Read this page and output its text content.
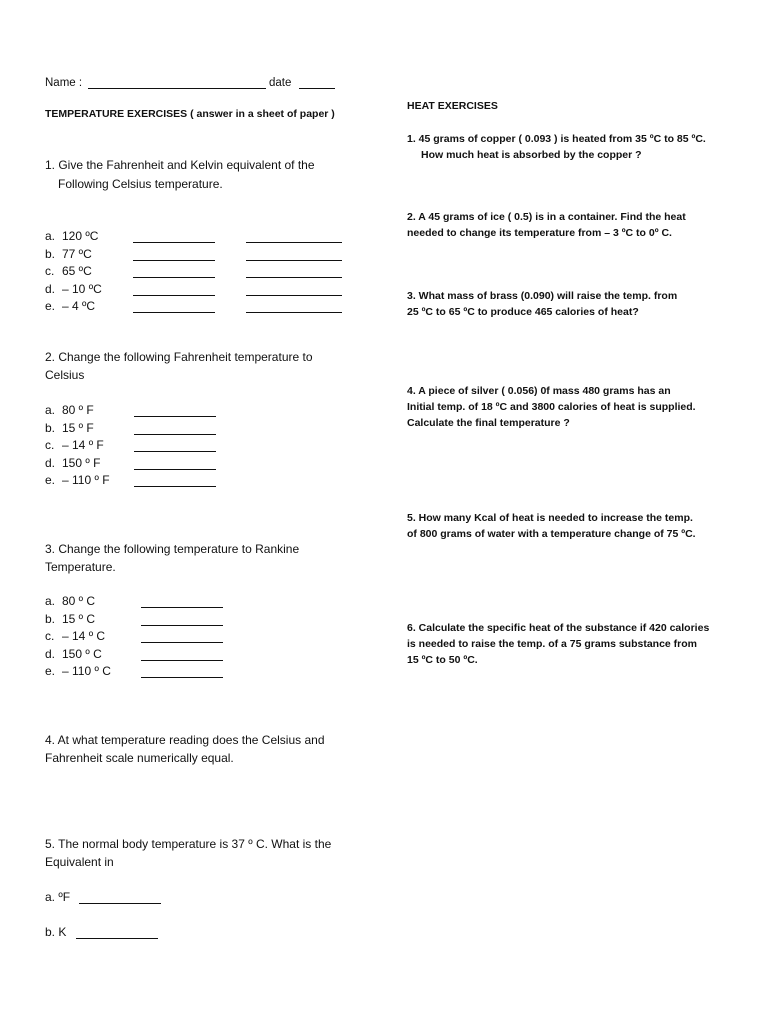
Name :	date
TEMPERATURE EXERCISES ( answer in a sheet of paper )
1. Give the Fahrenheit and Kelvin equivalent of the
Following Celsius temperature.
a. 120 ºC
b. 77 ºC
c. 65 ºC
d. – 10 ºC
e. – 4 ºC
2. Change the following Fahrenheit temperature to
Celsius
a. 80 º F
b. 15 º F
c. – 14 º F
d. 150 º F
e. – 110 º F
3. Change the following temperature to Rankine
Temperature.
a. 80 º C
b. 15 º C
c. – 14 º C
d. 150 º C
e. – 110 º C
4. At what temperature reading does the Celsius and
Fahrenheit scale numerically equal.
5. The normal body temperature is 37 º C. What is the
Equivalent in
a. ºF
b. K
HEAT EXERCISES
1. 45 grams of copper ( 0.093 ) is heated from 35 ºC to 85 ºC.
How much heat is absorbed by the copper ?
2. A 45 grams of ice ( 0.5) is in a container. Find the heat
needed to change its temperature from – 3 ºC to 0º C.
3. What mass of brass (0.090) will raise the temp. from
25 ºC to 65 ºC to produce 465 calories of heat?
4. A piece of silver ( 0.056) 0f mass 480 grams has an
Initial temp. of 18 ºC and 3800 calories of heat is supplied.
Calculate the final temperature ?
5. How many Kcal of heat is needed to increase the temp.
of 800 grams of water with a temperature change of 75 ºC.
6. Calculate the specific heat of the substance if 420 calories
is needed to raise the temp. of a 75 grams substance from
15 ºC to 50 ºC.
